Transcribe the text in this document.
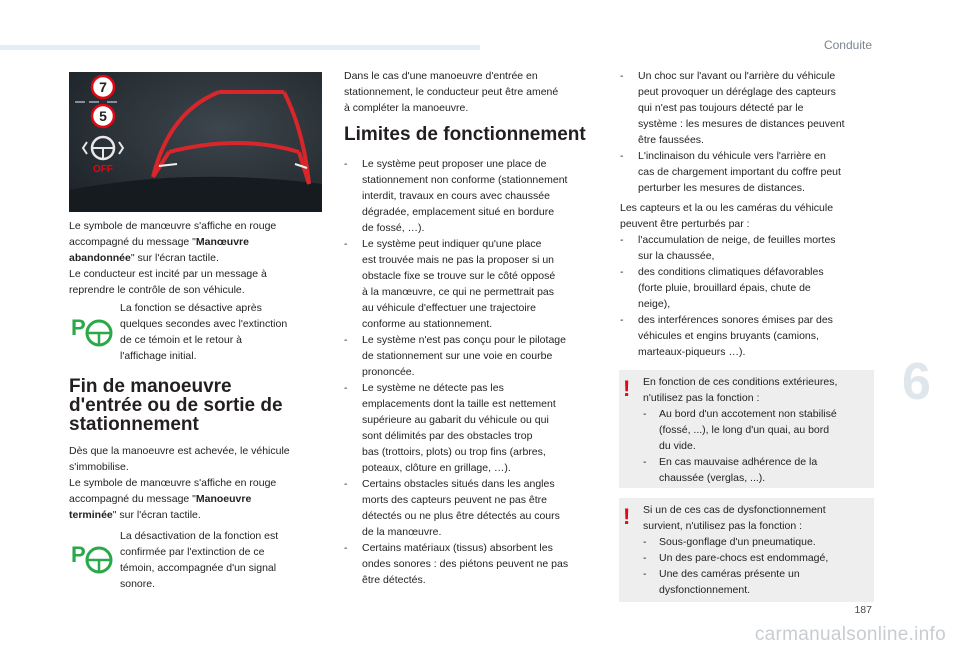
Conduite
7
5
OFF

Le symbole de manœuvre s'affiche en rouge
accompagné du message "Manœuvre
abandonnée" sur l'écran tactile.
Le conducteur est incité par un message à
reprendre le contrôle de son véhicule.

P

La fonction se désactive après
quelques secondes avec l'extinction
de ce témoin et le retour à
l'affichage initial.

Fin de manoeuvre
d'entrée ou de sortie de
stationnement

Dès que la manoeuvre est achevée, le véhicule
s'immobilise.
Le symbole de manœuvre s'affiche en rouge
accompagné du message "Manoeuvre
terminée" sur l'écran tactile.

P

La désactivation de la fonction est
confirmée par l'extinction de ce
témoin, accompagnée d'un signal
sonore.

Dans le cas d'une manoeuvre d'entrée en
stationnement, le conducteur peut être amené
à compléter la manoeuvre.

Limites de fonctionnement
- Le système peut proposer une place de
stationnement non conforme (stationnement
interdit, travaux en cours avec chaussée
dégradée, emplacement situé en bordure
de fossé, …).
- Le système peut indiquer qu'une place
est trouvée mais ne pas la proposer si un
obstacle fixe se trouve sur le côté opposé
à la manœuvre, ce qui ne permettrait pas
au véhicule d'effectuer une trajectoire
conforme au stationnement.
- Le système n'est pas conçu pour le pilotage
de stationnement sur une voie en courbe
prononcée.
- Le système ne détecte pas les
emplacements dont la taille est nettement
supérieure au gabarit du véhicule ou qui
sont délimités par des obstacles trop
bas (trottoirs, plots) ou trop fins (arbres,
poteaux, clôture en grillage, …).
- Certains obstacles situés dans les angles
morts des capteurs peuvent ne pas être
détectés ou ne plus être détectés au cours
de la manœuvre.
- Certains matériaux (tissus) absorbent les
ondes sonores : des piétons peuvent ne pas
être détectés.
- Un choc sur l'avant ou l'arrière du véhicule
peut provoquer un déréglage des capteurs
qui n'est pas toujours détecté par le
système : les mesures de distances peuvent
être faussées.
- L'inclinaison du véhicule vers l'arrière en
cas de chargement important du coffre peut
perturber les mesures de distances.

Les capteurs et la ou les caméras du véhicule
peuvent être perturbés par :

- l'accumulation de neige, de feuilles mortes
sur la chaussée,
- des conditions climatiques défavorables
(forte pluie, brouillard épais, chute de
neige),
- des interférences sonores émises par des
véhicules et engins bruyants (camions,
marteaux-piqueurs …).
! En fonction de ces conditions extérieures,
n'utilisez pas la fonction :

- Au bord d'un accotement non stabilisé
(fossé, ...), le long d'un quai, au bord
du vide.
- En cas mauvaise adhérence de la
chaussée (verglas, ...).
! Si un de ces cas de dysfonctionnement
survient, n'utilisez pas la fonction :

- Sous-gonflage d'un pneumatique.
- Un des pare-chocs est endommagé,
- Une des caméras présente un
dysfonctionnement.
6
187
carmanualsonline.info
